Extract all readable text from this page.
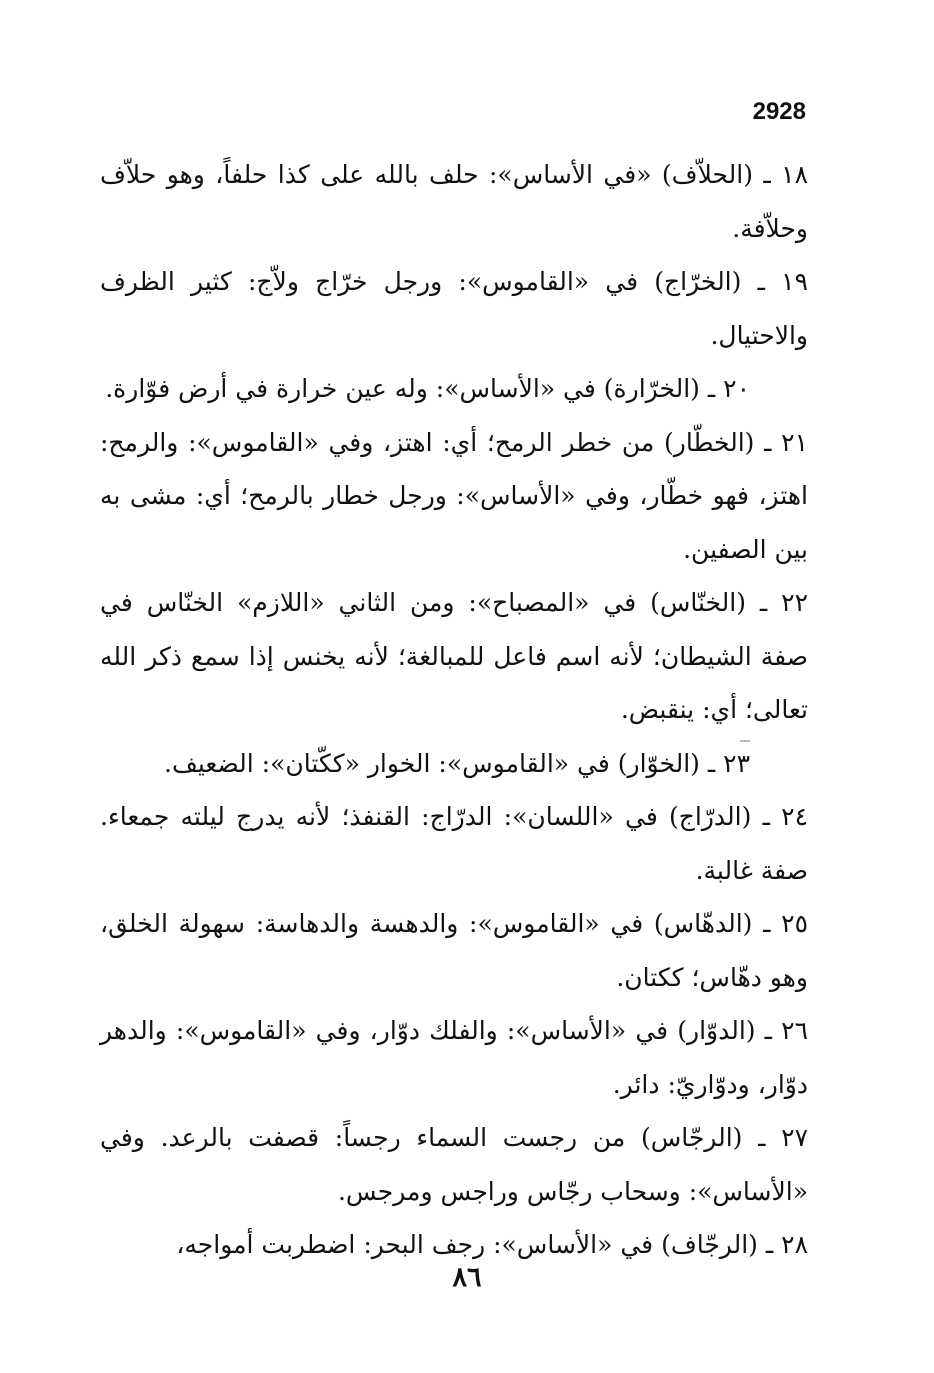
2928

١٨ ـ (الحلاّف) «في الأساس»: حلف بالله على كذا حلفاً، وهو حلاّف وحلاّفة.

١٩ ـ (الخرّاج) في «القاموس»: ورجل خرّاج ولاّج: كثير الظرف والاحتيال.

٢٠ ـ (الخرّارة) في «الأساس»: وله عين خرارة في أرض فوّارة.

٢١ ـ (الخطّار) من خطر الرمح؛ أي: اهتز، وفي «القاموس»: والرمح: اهتز، فهو خطّار، وفي «الأساس»: ورجل خطار بالرمح؛ أي: مشى به بين الصفين.

٢٢ ـ (الخنّاس) في «المصباح»: ومن الثاني «اللازم» الخنّاس في صفة الشيطان؛ لأنه اسم فاعل للمبالغة؛ لأنه يخنس إذا سمع ذكر الله تعالى؛ أي: ينقبض.

٢٣ ـ (الخوّار) في «القاموس»: الخوار «ككّتان»: الضعيف.

٢٤ ـ (الدرّاج) في «اللسان»: الدرّاج: القنفذ؛ لأنه يدرج ليلته جمعاء. صفة غالبة.

٢٥ ـ (الدهّاس) في «القاموس»: والدهسة والدهاسة: سهولة الخلق، وهو دهّاس؛ ككتان.

٢٦ ـ (الدوّار) في «الأساس»: والفلك دوّار، وفي «القاموس»: والدهر دوّار، ودوّاريّ: دائر.

٢٧ ـ (الرجّاس) من رجست السماء رجساً: قصفت بالرعد. وفي «الأساس»: وسحاب رجّاس وراجس ومرجس.

٢٨ ـ (الرجّاف) في «الأساس»: رجف البحر: اضطربت أمواجه،

٨٦
